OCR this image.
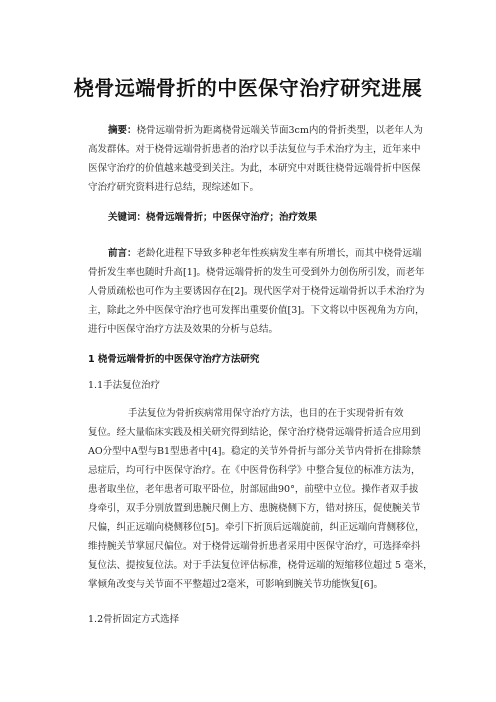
桡骨远端骨折的中医保守治疗研究进展
摘要：桡骨远端骨折为距离桡骨远端关节面3cm内的骨折类型，以老年人为
高发群体。对于桡骨远端骨折患者的治疗以手法复位与手术治疗为主，近年来中
医保守治疗的价值越来越受到关注。为此，本研究中对既往桡骨远端骨折中医保
守治疗研究资料进行总结，现综述如下。
关键词：桡骨远端骨折；中医保守治疗；治疗效果
前言：老龄化进程下导致多种老年性疾病发生率有所增长，而其中桡骨远端
骨折发生率也随时升高[1]。桡骨远端骨折的发生可受到外力创伤所引发，而老年
人骨质疏松也可作为主要诱因存在[2]。现代医学对于桡骨远端骨折以手术治疗为
主，除此之外中医保守治疗也可发挥出重要价值[3]。下文将以中医视角为方向，
进行中医保守治疗方法及效果的分析与总结。
1 桡骨远端骨折的中医保守治疗方法研究
1.1手法复位治疗
手法复位为骨折疾病常用保守治疗方法，也目的在于实现骨折有效
复位。经大量临床实践及相关研究得到结论，保守治疗桡骨远端骨折适合应用到
AO分型中A型与B1型患者中[4]。稳定的关节外骨折与部分关节内骨折在排除禁
忌症后，均可行中医保守治疗。在《中医骨伤科学》中整合复位的标准方法为，
患者取坐位，老年患者可取平卧位，肘部屈曲90°，前壁中立位。操作者双手拔
身牵引，双手分别放置到患腕尺侧上方、患腕桡侧下方，错对挤压，促使腕关节
尺偏，纠正远端向桡侧移位[5]。牵引下折顶后远端旋前，纠正远端向背侧移位，
维持腕关节掌屈尺偏位。对于桡骨远端骨折患者采用中医保守治疗，可选择牵抖
复位法、提按复位法。对于手法复位评估标准，桡骨远端的短缩移位超过 5 毫米，
掌倾角改变与关节面不平整超过2毫米，可影响到腕关节功能恢复[6]。
1.2骨折固定方式选择
